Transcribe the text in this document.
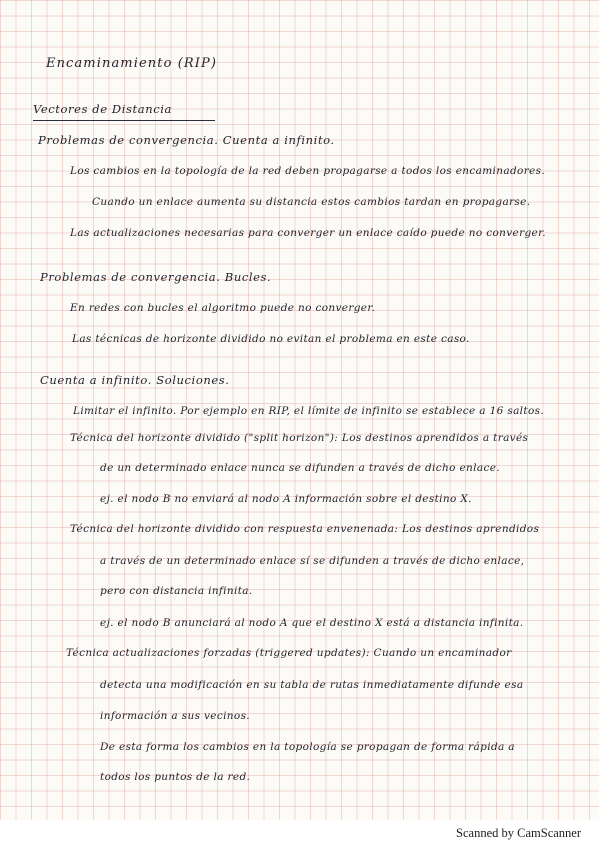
Encaminamiento (RIP)
Vectores de Distancia
Problemas de convergencia. Cuenta a infinito.
Los cambios en la topología de la red deben propagarse a todos los encaminadores.
Cuando un enlace aumenta su distancia estos cambios tardan en propagarse.
Las actualizaciones necesarias para converger un enlace caído puede no converger.
Problemas de convergencia. Bucles.
En redes con bucles el algoritmo puede no converger.
Las técnicas de horizonte dividido no evitan el problema en este caso.
Cuenta a infinito. Soluciones.
Limitar el infinito. Por ejemplo en RIP, el límite de infinito se establece a 16 saltos.
Técnica del horizonte dividido ("split horizon"): Los destinos aprendidos a través
de un determinado enlace nunca se difunden a través de dicho enlace.
ej. el nodo B no enviará al nodo A información sobre el destino X.
Técnica del horizonte dividido con respuesta envenenada: Los destinos aprendidos
a través de un determinado enlace sí se difunden a través de dicho enlace,
pero con distancia infinita.
ej. el nodo B anunciará al nodo A que el destino X está a distancia infinita.
Técnica actualizaciones forzadas (triggered updates): Cuando un encaminador
detecta una modificación en su tabla de rutas inmediatamente difunde esa
información a sus vecinos.
De esta forma los cambios en la topología se propagan de forma rápida a
todos los puntos de la red.
Scanned by CamScanner
